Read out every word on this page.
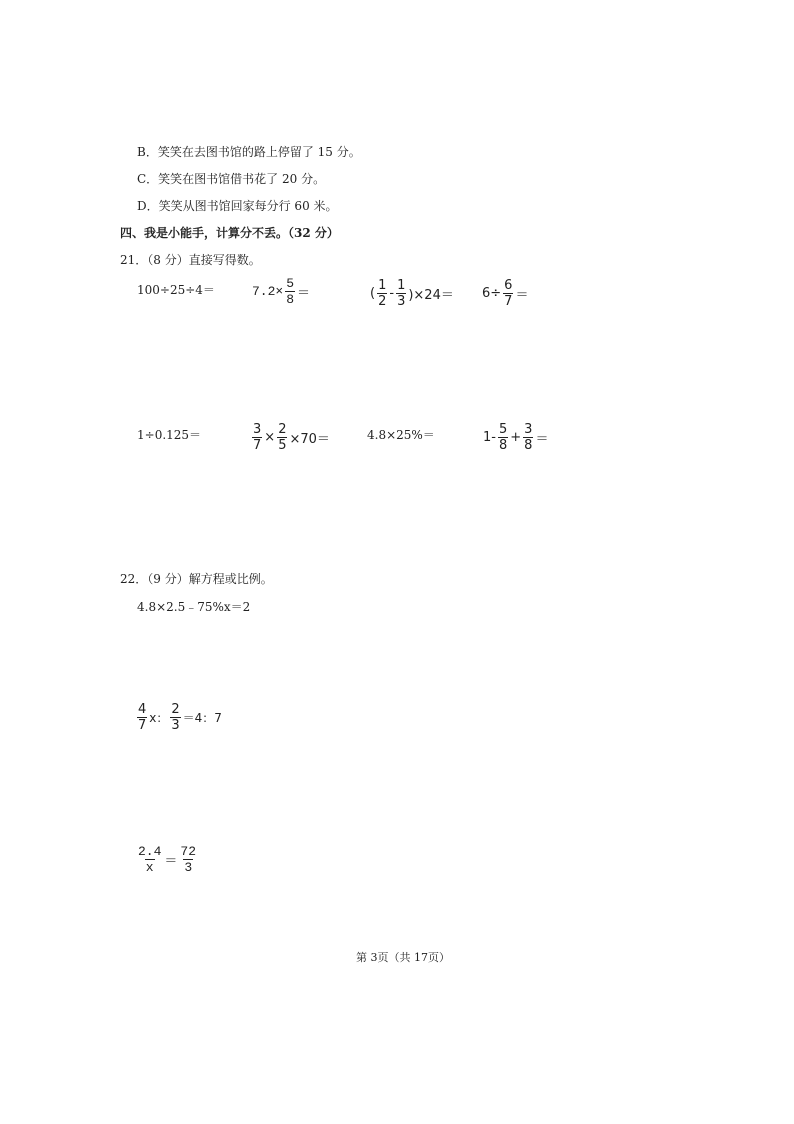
B．笑笑在去图书馆的路上停留了 15 分。
C．笑笑在图书馆借书花了 20 分。
D．笑笑从图书馆回家每分行 60 米。
四、我是小能手，计算分不丢。（32 分）
21．（8 分）直接写得数。
100÷25÷4＝	$7.2\times \frac{5}{8}$ ＝	( $\frac{1}{2} - \frac{1}{3} )\times 24= 6\div \frac{6}{7}$ ＝
1÷0.125＝	$\frac{3}{7} \times \frac{2}{5} \times 70=$	4.8×25%＝	$1- \frac{5}{8} + \frac{3}{8}$ ＝
22．（9 分）解方程或比例。
4.8×2.5﹣75%x＝2
$\frac{4}{7}$ x： $\frac{2}{3} =4$：7
$\frac{2.4}{x} = \frac{72}{3}$
第 3页（共 17页）
